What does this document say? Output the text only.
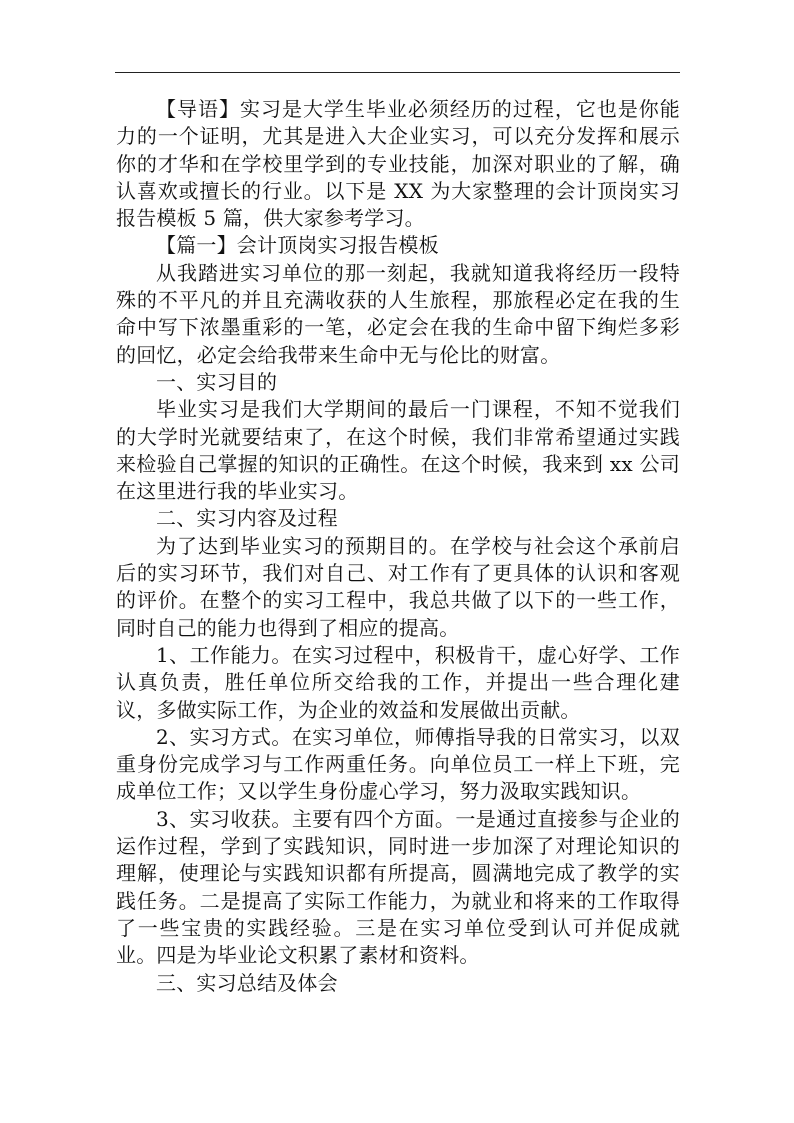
【导语】实习是大学生毕业必须经历的过程，它也是你能力的一个证明，尤其是进入大企业实习，可以充分发挥和展示你的才华和在学校里学到的专业技能，加深对职业的了解，确认喜欢或擅长的行业。以下是 XX 为大家整理的会计顶岗实习报告模板 5 篇，供大家参考学习。

【篇一】会计顶岗实习报告模板

从我踏进实习单位的那一刻起，我就知道我将经历一段特殊的不平凡的并且充满收获的人生旅程，那旅程必定在我的生命中写下浓墨重彩的一笔，必定会在我的生命中留下绚烂多彩的回忆，必定会给我带来生命中无与伦比的财富。

一、实习目的

毕业实习是我们大学期间的最后一门课程，不知不觉我们的大学时光就要结束了，在这个时候，我们非常希望通过实践来检验自己掌握的知识的正确性。在这个时候，我来到 xx 公司在这里进行我的毕业实习。

二、实习内容及过程

为了达到毕业实习的预期目的。在学校与社会这个承前启后的实习环节，我们对自己、对工作有了更具体的认识和客观的评价。在整个的实习工程中，我总共做了以下的一些工作，同时自己的能力也得到了相应的提高。

1、工作能力。在实习过程中，积极肯干，虚心好学、工作认真负责，胜任单位所交给我的工作，并提出一些合理化建议，多做实际工作，为企业的效益和发展做出贡献。

2、实习方式。在实习单位，师傅指导我的日常实习，以双重身份完成学习与工作两重任务。向单位员工一样上下班，完成单位工作；又以学生身份虚心学习，努力汲取实践知识。

3、实习收获。主要有四个方面。一是通过直接参与企业的运作过程，学到了实践知识，同时进一步加深了对理论知识的理解，使理论与实践知识都有所提高，圆满地完成了教学的实践任务。二是提高了实际工作能力，为就业和将来的工作取得了一些宝贵的实践经验。三是在实习单位受到认可并促成就业。四是为毕业论文积累了素材和资料。

三、实习总结及体会
